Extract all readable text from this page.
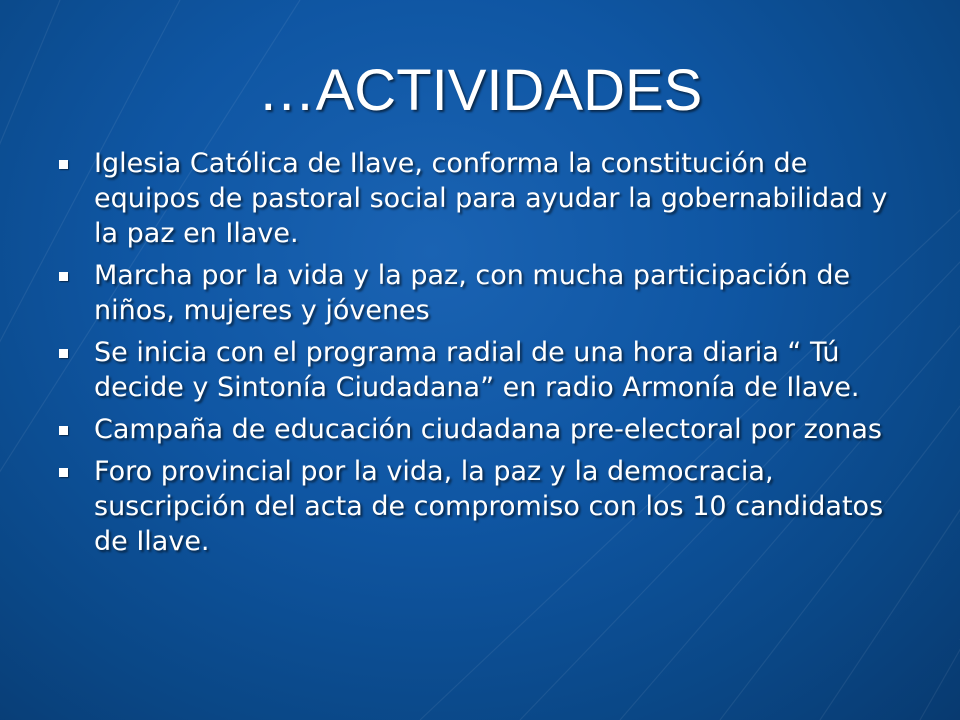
…ACTIVIDADES
Iglesia Católica de Ilave, conforma la constitución de equipos de pastoral social para ayudar la gobernabilidad y la paz en Ilave.
Marcha por la vida y la paz, con mucha participación de niños, mujeres y jóvenes
Se inicia con el programa radial de una hora diaria “ Tú decide y Sintonía Ciudadana” en radio Armonía de Ilave.
Campaña de educación ciudadana pre-electoral por zonas
Foro provincial por la vida, la paz y la democracia, suscripción del acta de compromiso con los 10 candidatos de Ilave.
